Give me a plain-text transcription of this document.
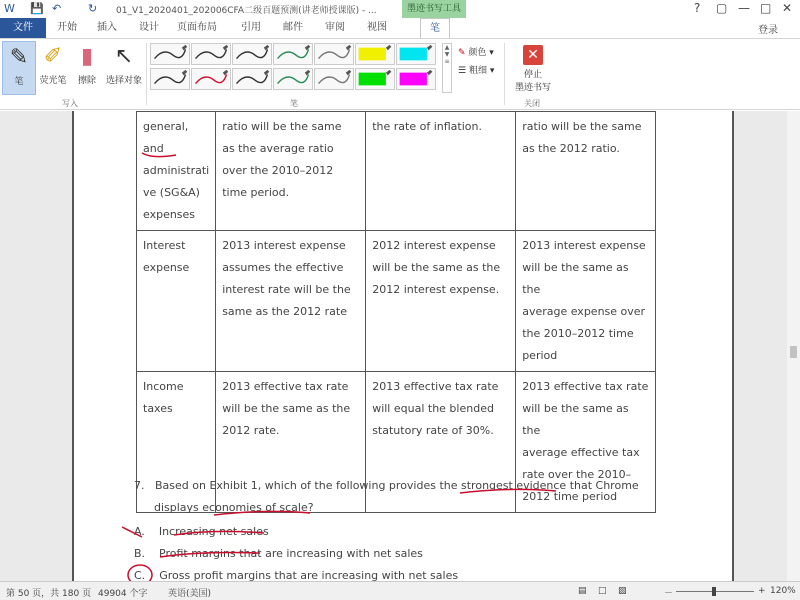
W 💾 ↶ ↻ 01_V1_2020401_202006CFA二级百题预测(讲老师授课版) - ...	墨迹书写工具	? ▢ — □ ✕
文件	开始	插入	设计	页面布局	引用	邮件	审阅	视图	笔	登录
✎
笔
✐
荧光笔
▮
擦除
↖
选择对象
写入
▲
▼
≡
笔
✎ 颜色 ▾
☰ 粗细 ▾
✕
停止
墨迹书写
关闭
general,
and
administrati
ve (SG&A)
expenses	ratio will be the same
as the average ratio
over the 2010–2012
time period.	the rate of inflation.	ratio will be the same
as the 2012 ratio.
Interest
expense	2013 interest expense
assumes the effective
interest rate will be the
same as the 2012 rate	2012 interest expense
will be the same as the
2012 interest expense.	2013 interest expense
will be the same as the
average expense over
the 2010–2012 time
period
Income
taxes	2013 effective tax rate
will be the same as the
2012 rate.	2013 effective tax rate
will equal the blended
statutory rate of 30%.	2013 effective tax rate
will be the same as the
average effective tax
rate over the 2010–
2012 time period
7. Based on Exhibit 1, which of the following provides the strongest evidence that Chrome
displays economies of scale?
A. Increasing net sales
B. Profit margins that are increasing with net sales
C. Gross profit margins that are increasing with net sales
第 50 页，共 180 页 49904 个字 英语(美国)	▤ □ ▧	－	+ 120%
